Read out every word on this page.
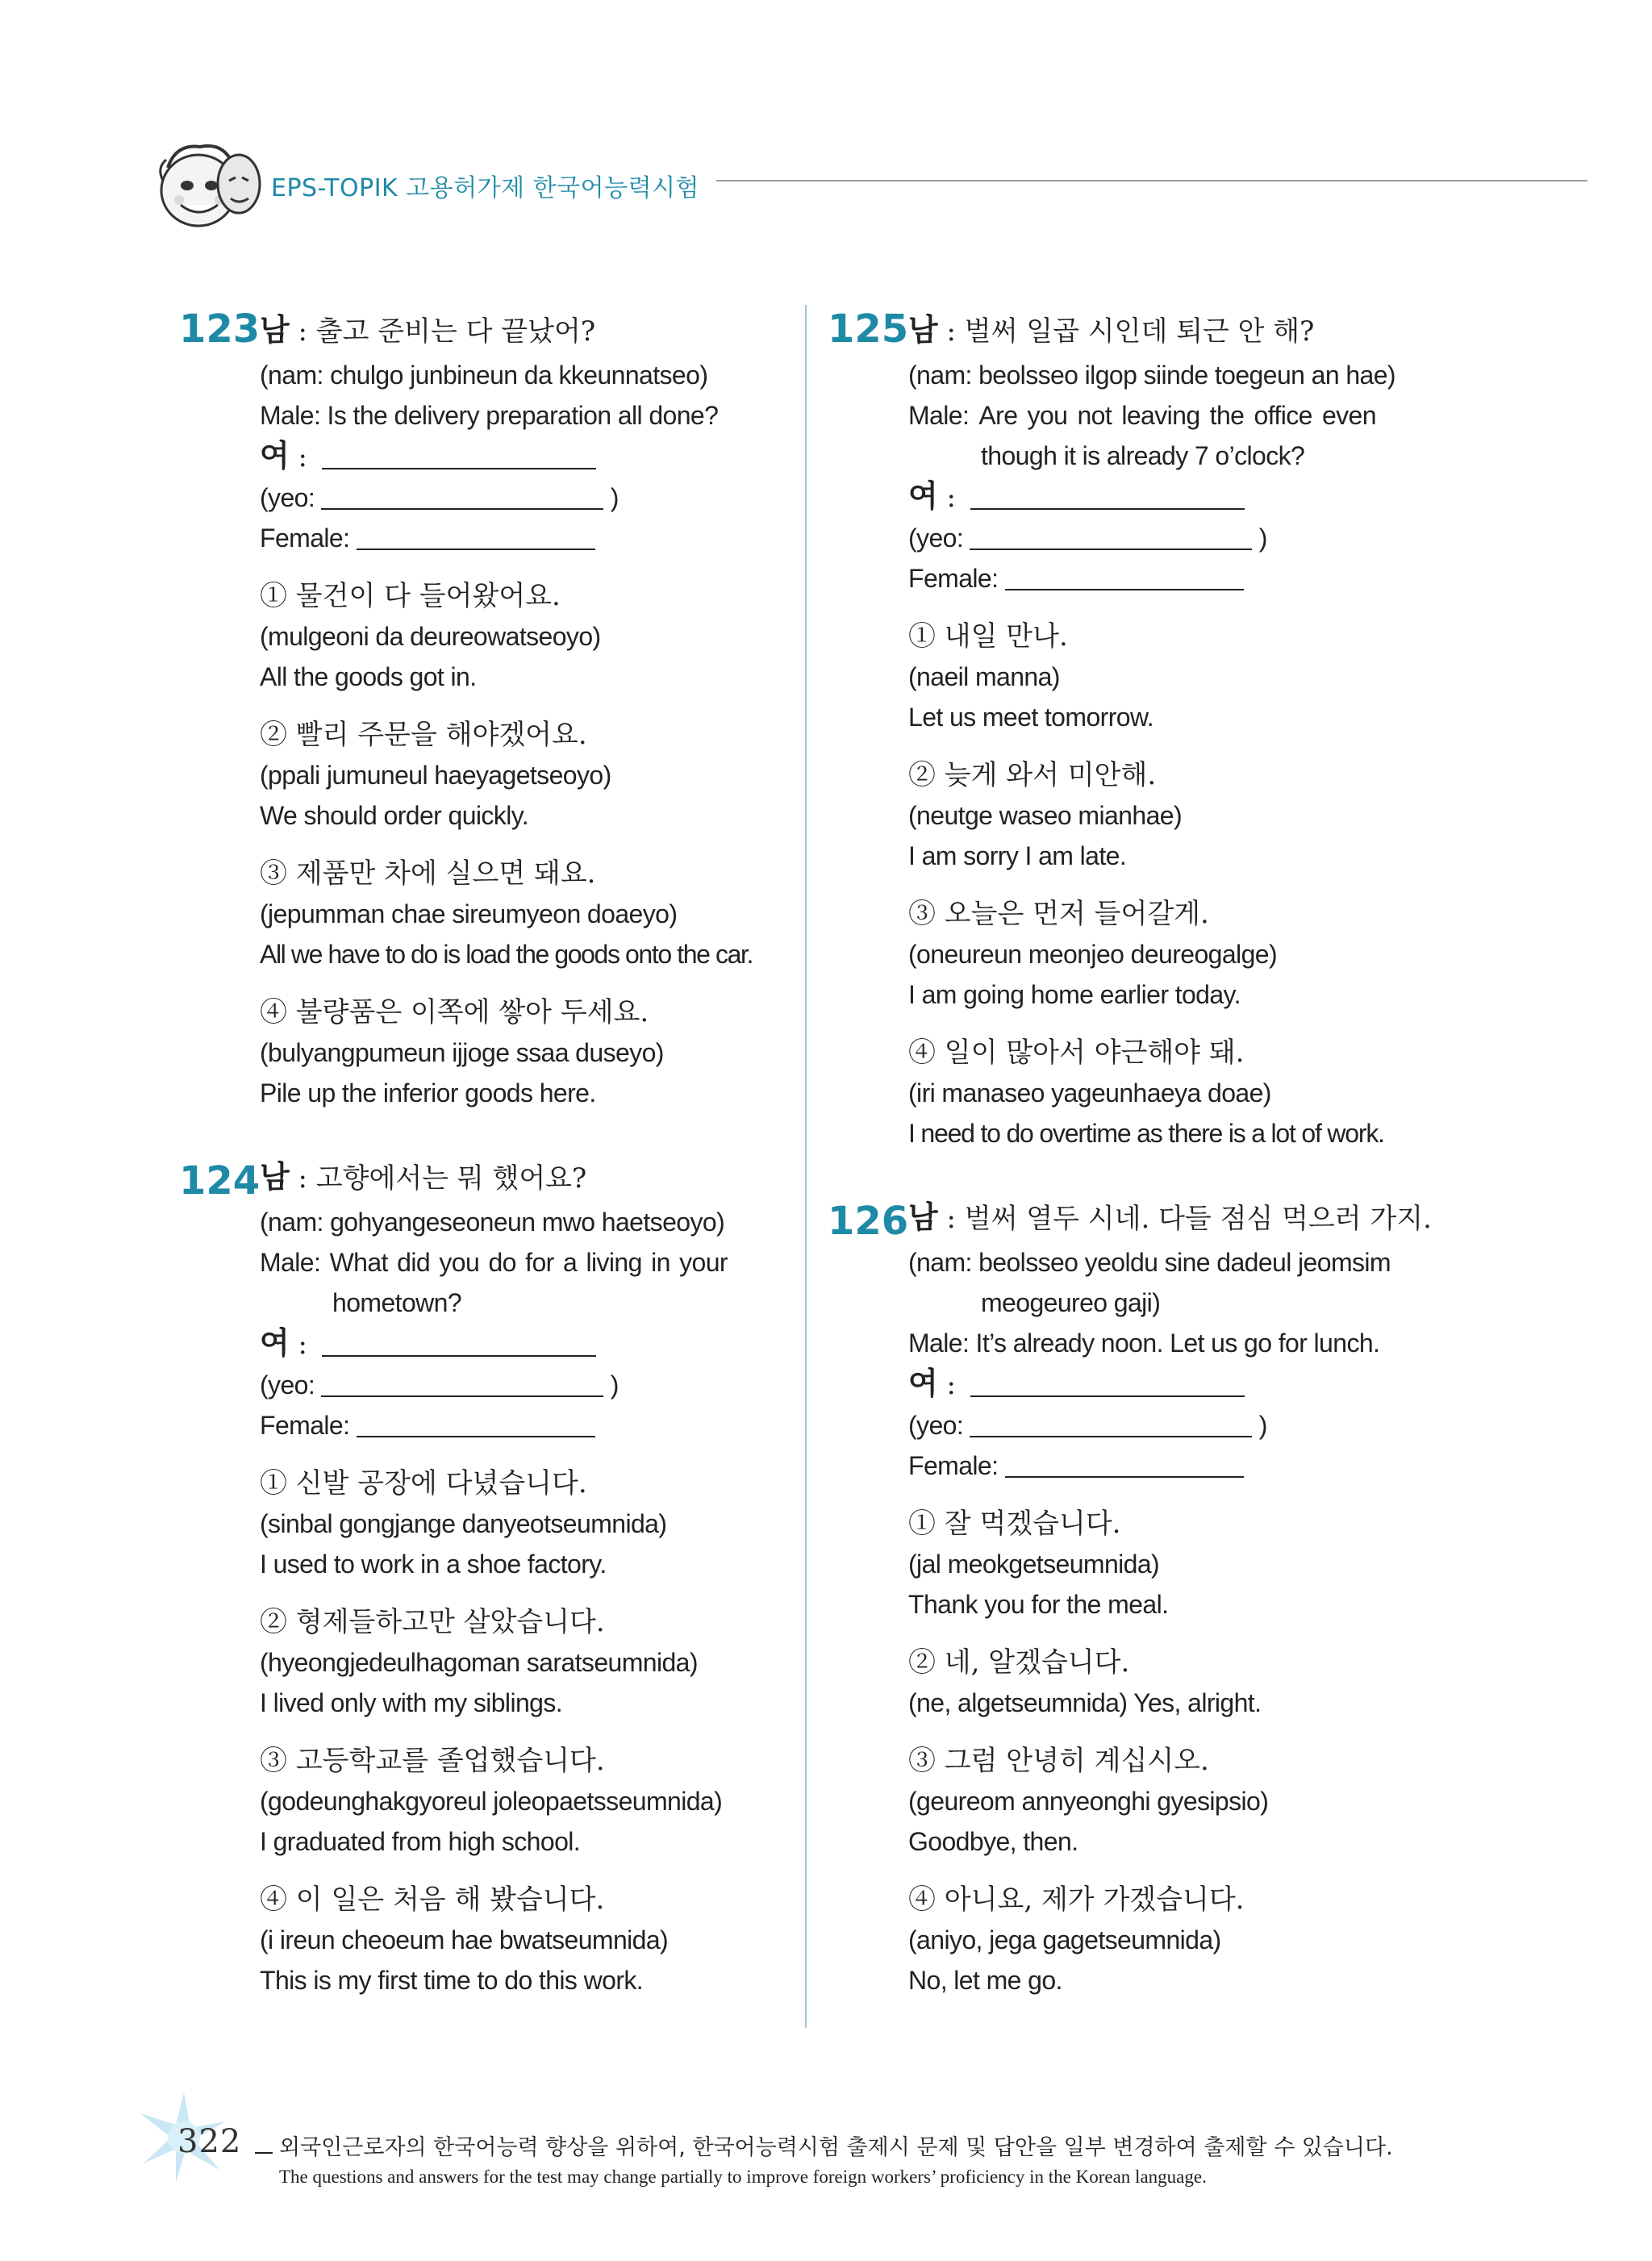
EPS-TOPIK 고용허가제 한국어능력시험
123 남 : 출고 준비는 다 끝났어?
(nam: chulgo junbineun da kkeunnatseo)
Male: Is the delivery preparation all done?
여 :
(yeo:	)
Female:
① 물건이 다 들어왔어요.
(mulgeoni da deureowatseoyo)
All the goods got in.
② 빨리 주문을 해야겠어요.
(ppali jumuneul haeyagetseoyo)
We should order quickly.
③ 제품만 차에 실으면 돼요.
(jepumman chae sireumyeon doaeyo)
All we have to do is load the goods onto the car.
④ 불량품은 이쪽에 쌓아 두세요.
(bulyangpumeun ijjoge ssaa duseyo)
Pile up the inferior goods here.
124 남 : 고향에서는 뭐 했어요?
(nam: gohyangeseoneun mwo haetseoyo)
Male: What did you do for a living in your
hometown?
여 :
(yeo:	)
Female:
① 신발 공장에 다녔습니다.
(sinbal gongjange danyeotseumnida)
I used to work in a shoe factory.
② 형제들하고만 살았습니다.
(hyeongjedeulhagoman saratseumnida)
I lived only with my siblings.
③ 고등학교를 졸업했습니다.
(godeunghakgyoreul joleopaetsseumnida)
I graduated from high school.
④ 이 일은 처음 해 봤습니다.
(i ireun cheoeum hae bwatseumnida)
This is my first time to do this work.
125 남 : 벌써 일곱 시인데 퇴근 안 해?
(nam: beolsseo ilgop siinde toegeun an hae)
Male: Are you not leaving the office even
though it is already 7 o’clock?
여 :
(yeo:	)
Female:
① 내일 만나.
(naeil manna)
Let us meet tomorrow.
② 늦게 와서 미안해.
(neutge waseo mianhae)
I am sorry I am late.
③ 오늘은 먼저 들어갈게.
(oneureun meonjeo deureogalge)
I am going home earlier today.
④ 일이 많아서 야근해야 돼.
(iri manaseo yageunhaeya doae)
I need to do overtime as there is a lot of work.
126 남 : 벌써 열두 시네. 다들 점심 먹으러 가지.
(nam: beolsseo yeoldu sine dadeul jeomsim
meogeureo gaji)
Male: It’s already noon. Let us go for lunch.
여 :
(yeo:	)
Female:
① 잘 먹겠습니다.
(jal meokgetseumnida)
Thank you for the meal.
② 네, 알겠습니다.
(ne, algetseumnida) Yes, alright.
③ 그럼 안녕히 계십시오.
(geureom annyeonghi gyesipsio)
Goodbye, then.
④ 아니요, 제가 가겠습니다.
(aniyo, jega gagetseumnida)
No, let me go.
322 외국인근로자의 한국어능력 향상을 위하여, 한국어능력시험 출제시 문제 및 답안을 일부 변경하여 출제할 수 있습니다.
The questions and answers for the test may change partially to improve foreign workers’ proficiency in the Korean language.
